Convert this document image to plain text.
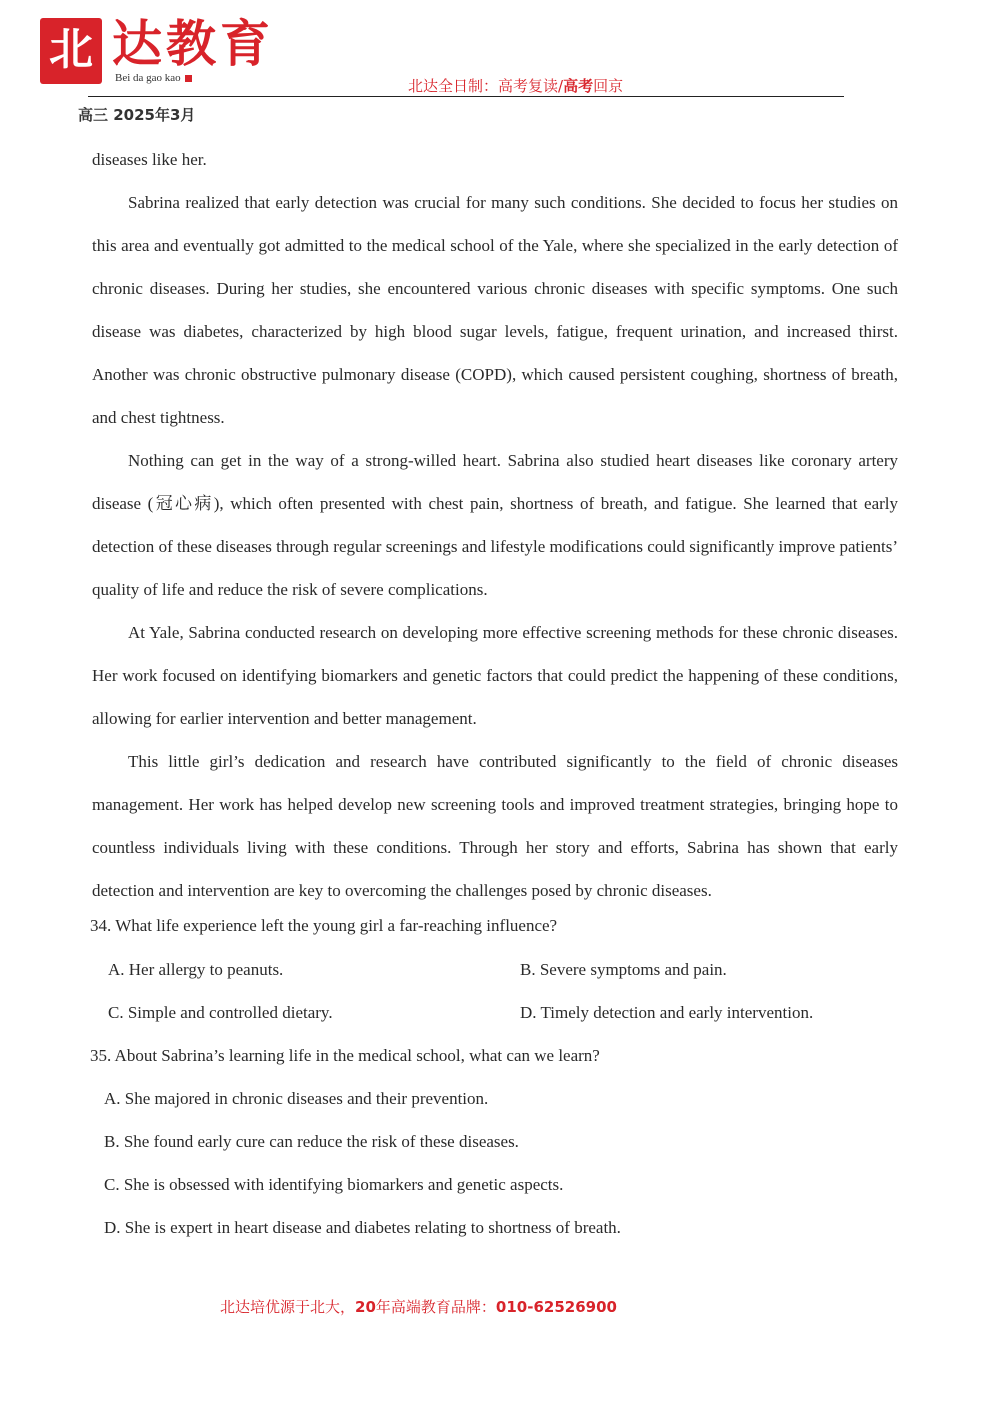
北 达教育
Bei da gao kao	北达全日制：高考复读/高考回京
高三 2025年3月

diseases like her.

Sabrina realized that early detection was crucial for many such conditions. She decided to focus her studies on this area and eventually got admitted to the medical school of the Yale, where she specialized in the early detection of chronic diseases. During her studies, she encountered various chronic diseases with specific symptoms. One such disease was diabetes, characterized by high blood sugar levels, fatigue, frequent urination, and increased thirst. Another was chronic obstructive pulmonary disease (COPD), which caused persistent coughing, shortness of breath, and chest tightness.

Nothing can get in the way of a strong-willed heart. Sabrina also studied heart diseases like coronary artery disease (冠心病), which often presented with chest pain, shortness of breath, and fatigue. She learned that early detection of these diseases through regular screenings and lifestyle modifications could significantly improve patients’ quality of life and reduce the risk of severe complications.

At Yale, Sabrina conducted research on developing more effective screening methods for these chronic diseases. Her work focused on identifying biomarkers and genetic factors that could predict the happening of these conditions, allowing for earlier intervention and better management.

This little girl’s dedication and research have contributed significantly to the field of chronic diseases management. Her work has helped develop new screening tools and improved treatment strategies, bringing hope to countless individuals living with these conditions. Through her story and efforts, Sabrina has shown that early detection and intervention are key to overcoming the challenges posed by chronic diseases.

34. What life experience left the young girl a far-reaching influence?
A. Her allergy to peanuts.	B. Severe symptoms and pain.
C. Simple and controlled dietary.	D. Timely detection and early intervention.
35. About Sabrina’s learning life in the medical school, what can we learn?
A. She majored in chronic diseases and their prevention.
B. She found early cure can reduce the risk of these diseases.
C. She is obsessed with identifying biomarkers and genetic aspects.
D. She is expert in heart disease and diabetes relating to shortness of breath.
北达培优源于北大，20年高端教育品牌：010-62526900
